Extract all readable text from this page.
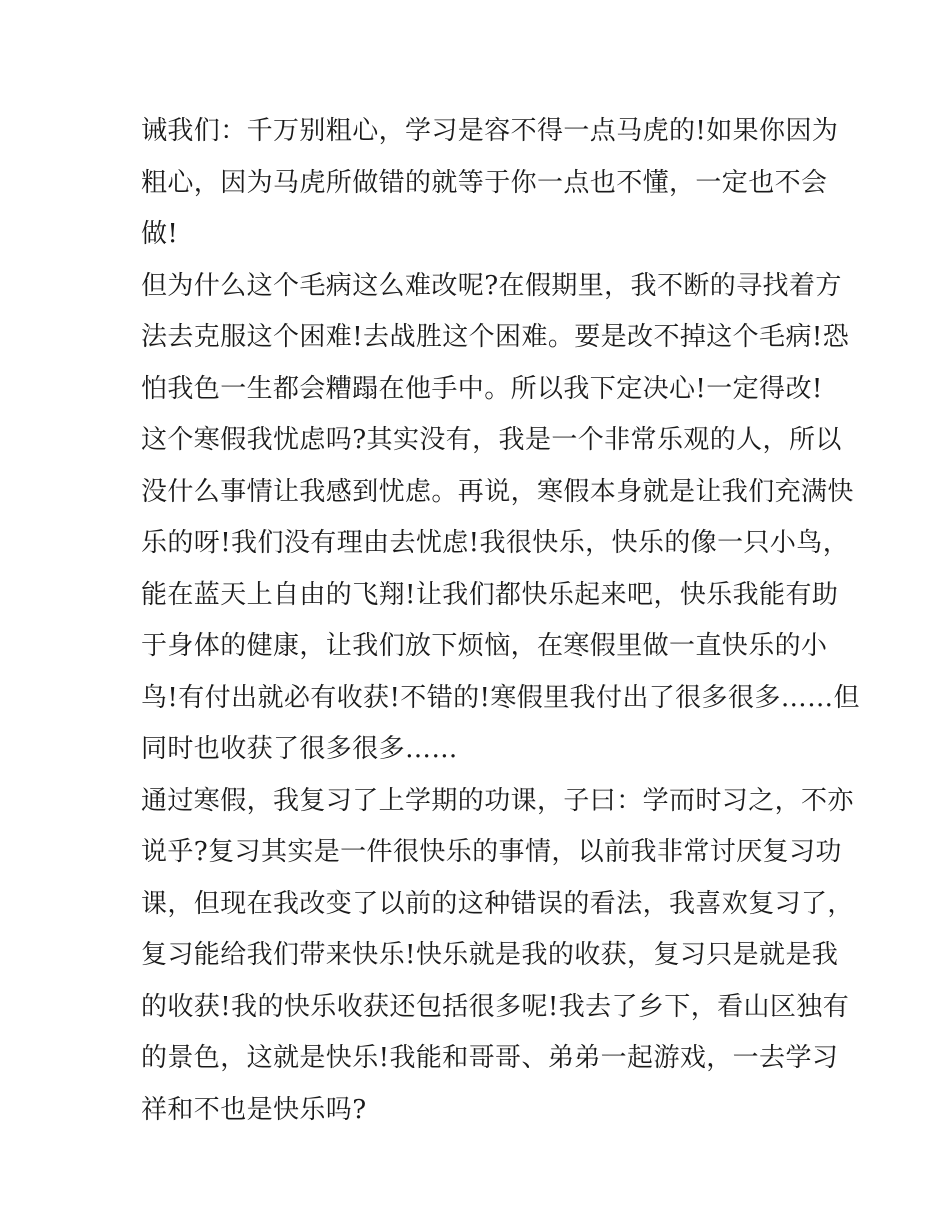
诫我们：千万别粗心，学习是容不得一点马虎的!如果你因为
粗心，因为马虎所做错的就等于你一点也不懂，一定也不会
做!
但为什么这个毛病这么难改呢?在假期里，我不断的寻找着方
法去克服这个困难!去战胜这个困难。要是改不掉这个毛病!恐
怕我色一生都会糟蹋在他手中。所以我下定决心!一定得改!
这个寒假我忧虑吗?其实没有，我是一个非常乐观的人，所以
没什么事情让我感到忧虑。再说，寒假本身就是让我们充满快
乐的呀!我们没有理由去忧虑!我很快乐，快乐的像一只小鸟，
能在蓝天上自由的飞翔!让我们都快乐起来吧，快乐我能有助
于身体的健康，让我们放下烦恼，在寒假里做一直快乐的小
鸟!有付出就必有收获!不错的!寒假里我付出了很多很多……但
同时也收获了很多很多……
通过寒假，我复习了上学期的功课，子曰：学而时习之，不亦
说乎?复习其实是一件很快乐的事情，以前我非常讨厌复习功
课，但现在我改变了以前的这种错误的看法，我喜欢复习了，
复习能给我们带来快乐!快乐就是我的收获，复习只是就是我
的收获!我的快乐收获还包括很多呢!我去了乡下，看山区独有
的景色，这就是快乐!我能和哥哥、弟弟一起游戏，一去学习
祥和不也是快乐吗?
